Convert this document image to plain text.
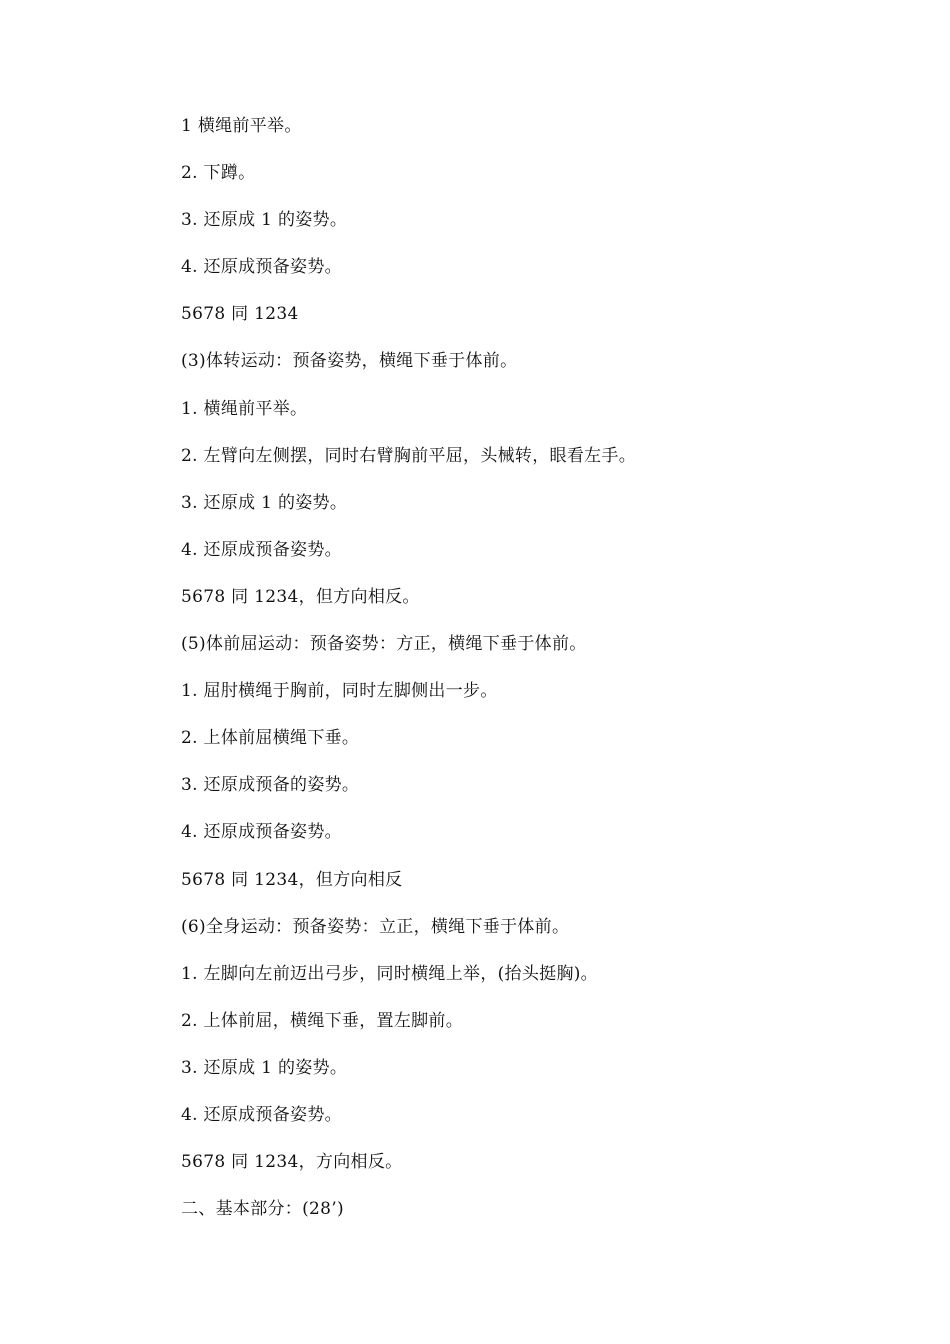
1 横绳前平举。
2. 下蹲。
3. 还原成 1 的姿势。
4. 还原成预备姿势。
5678 同 1234
(3)体转运动：预备姿势，横绳下垂于体前。
1. 横绳前平举。
2. 左臂向左侧摆，同时右臂胸前平屈，头械转，眼看左手。
3. 还原成 1 的姿势。
4. 还原成预备姿势。
5678 同 1234，但方向相反。
(5)体前屈运动：预备姿势：方正，横绳下垂于体前。
1. 屈肘横绳于胸前，同时左脚侧出一步。
2. 上体前屈横绳下垂。
3. 还原成预备的姿势。
4. 还原成预备姿势。
5678 同 1234，但方向相反
(6)全身运动：预备姿势：立正，横绳下垂于体前。
1. 左脚向左前迈出弓步，同时横绳上举，(抬头挺胸)。
2. 上体前屈，横绳下垂，置左脚前。
3. 还原成 1 的姿势。
4. 还原成预备姿势。
5678 同 1234，方向相反。
二、基本部分：(28’)
